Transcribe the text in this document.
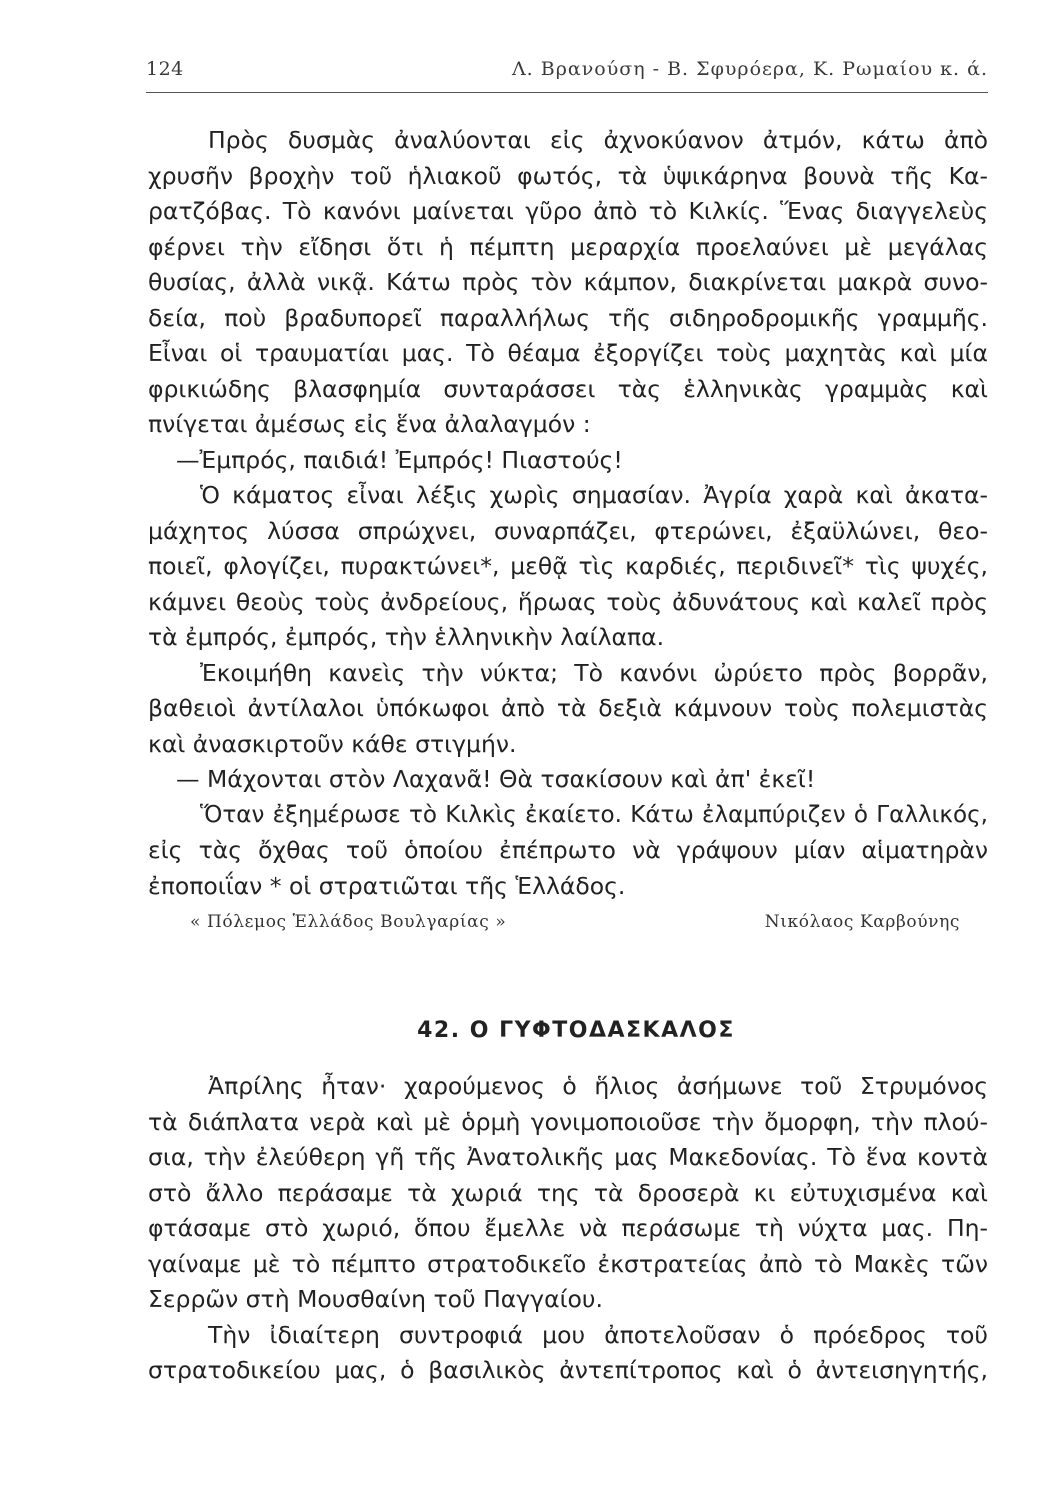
124	Λ. Βρανούση - Β. Σφυρόερα, Κ. Ρωμαίου κ. ά.
Πρὸς δυσμὰς ἀναλύονται εἰς ἀχνοκύανον ἀτμόν, κάτω ἀπὸ
χρυσῆν βροχὴν τοῦ ἡλιακοῦ φωτός, τὰ ὑψικάρηνα βουνὰ τῆς Κα-
ρατζόβας. Τὸ κανόνι μαίνεται γῦρο ἀπὸ τὸ Κιλκίς. Ἕνας διαγγελεὺς
φέρνει τὴν εἴδησι ὅτι ἡ πέμπτη μεραρχία προελαύνει μὲ μεγάλας
θυσίας, ἀλλὰ νικᾷ. Κάτω πρὸς τὸν κάμπον, διακρίνεται μακρὰ συνο-
δεία, ποὺ βραδυπορεῖ παραλλήλως τῆς σιδηροδρομικῆς γραμμῆς.
Εἶναι οἱ τραυματίαι μας. Τὸ θέαμα ἐξοργίζει τοὺς μαχητὰς καὶ μία
φρικιώδης βλασφημία συνταράσσει τὰς ἑλληνικὰς γραμμὰς καὶ
πνίγεται ἀμέσως εἰς ἕνα ἀλαλαγμόν :
—Ἐμπρός, παιδιά! Ἐμπρός! Πιαστούς!
Ὁ κάματος εἶναι λέξις χωρὶς σημασίαν. Ἀγρία χαρὰ καὶ ἀκατα-
μάχητος λύσσα σπρώχνει, συναρπάζει, φτερώνει, ἐξαϋλώνει, θεο-
ποιεῖ, φλογίζει, πυρακτώνει*, μεθᾷ τὶς καρδιές, περιδινεῖ* τὶς ψυχές,
κάμνει θεοὺς τοὺς ἀνδρείους, ἥρωας τοὺς ἀδυνάτους καὶ καλεῖ πρὸς
τὰ ἐμπρός, ἐμπρός, τὴν ἑλληνικὴν λαίλαπα.
Ἐκοιμήθη κανεὶς τὴν νύκτα; Τὸ κανόνι ὠρύετο πρὸς βορρᾶν,
βαθειοὶ ἀντίλαλοι ὑπόκωφοι ἀπὸ τὰ δεξιὰ κάμνουν τοὺς πολεμιστὰς
καὶ ἀνασκιρτοῦν κάθε στιγμήν.
— Μάχονται στὸν Λαχανᾶ! Θὰ τσακίσουν καὶ ἀπ' ἐκεῖ!
Ὅταν ἐξημέρωσε τὸ Κιλκὶς ἐκαίετο. Κάτω ἐλαμπύριζεν ὁ Γαλλικός,
εἰς τὰς ὄχθας τοῦ ὁποίου ἐπέπρωτο νὰ γράψουν μίαν αἱματηρὰν
ἐποποιΐαν * οἱ στρατιῶται τῆς Ἑλλάδος.
« Πόλεμος Ἑλλάδος Βουλγαρίας »	Νικόλαος Καρβούνης
42. Ο ΓΥΦΤΟΔΑΣΚΑΛΟΣ
Ἀπρίλης ἦταν· χαρούμενος ὁ ἥλιος ἀσήμωνε τοῦ Στρυμόνος
τὰ διάπλατα νερὰ καὶ μὲ ὁρμὴ γονιμοποιοῦσε τὴν ὄμορφη, τὴν πλού-
σια, τὴν ἐλεύθερη γῆ τῆς Ἀνατολικῆς μας Μακεδονίας. Τὸ ἕνα κοντὰ
στὸ ἄλλο περάσαμε τὰ χωριά της τὰ δροσερὰ κι εὐτυχισμένα καὶ
φτάσαμε στὸ χωριό, ὅπου ἔμελλε νὰ περάσωμε τὴ νύχτα μας. Πη-
γαίναμε μὲ τὸ πέμπτο στρατοδικεῖο ἐκστρατείας ἀπὸ τὸ Μακὲς τῶν
Σερρῶν στὴ Μουσθαίνη τοῦ Παγγαίου.
Τὴν ἰδιαίτερη συντροφιά μου ἀποτελοῦσαν ὁ πρόεδρος τοῦ
στρατοδικείου μας, ὁ βασιλικὸς ἀντεπίτροπος καὶ ὁ ἀντεισηγητής,
